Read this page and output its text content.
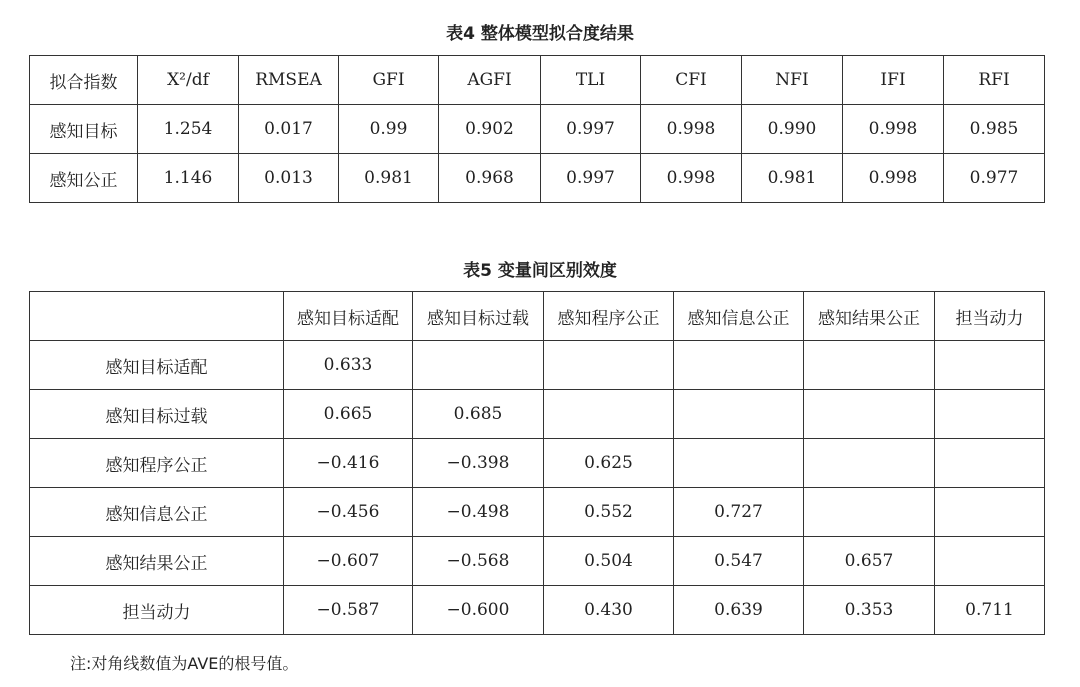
表4 整体模型拟合度结果
拟合指数	X²/df	RMSEA	GFI	AGFI	TLI	CFI	NFI	IFI	RFI
感知目标	1.254	0.017	0.99	0.902	0.997	0.998	0.990	0.998	0.985
感知公正	1.146	0.013	0.981	0.968	0.997	0.998	0.981	0.998	0.977
表5 变量间区别效度
	感知目标适配	感知目标过载	感知程序公正	感知信息公正	感知结果公正	担当动力
感知目标适配	0.633					
感知目标过载	0.665	0.685				
感知程序公正	−0.416	−0.398	0.625			
感知信息公正	−0.456	−0.498	0.552	0.727		
感知结果公正	−0.607	−0.568	0.504	0.547	0.657	
担当动力	−0.587	−0.600	0.430	0.639	0.353	0.711
注:对角线数值为AVE的根号值。
